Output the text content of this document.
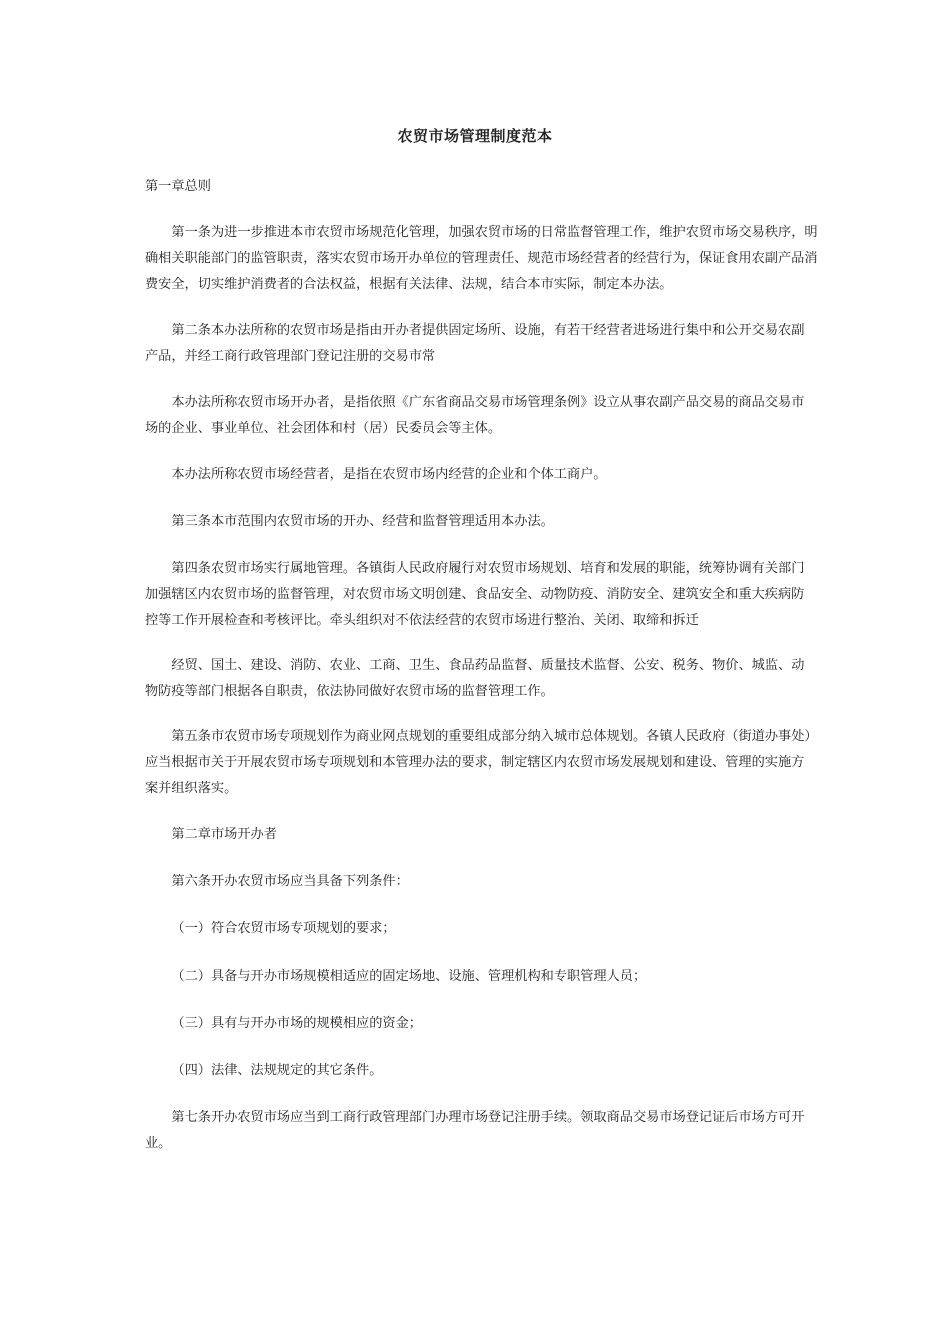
农贸市场管理制度范本

第一章总则

第一条为进一步推进本市农贸市场规范化管理，加强农贸市场的日常监督管理工作，维护农贸市场交易秩序，明确相关职能部门的监管职责，落实农贸市场开办单位的管理责任、规范市场经营者的经营行为，保证食用农副产品消费安全，切实维护消费者的合法权益，根据有关法律、法规，结合本市实际，制定本办法。

第二条本办法所称的农贸市场是指由开办者提供固定场所、设施，有若干经营者进场进行集中和公开交易农副产品，并经工商行政管理部门登记注册的交易市常

本办法所称农贸市场开办者，是指依照《广东省商品交易市场管理条例》设立从事农副产品交易的商品交易市场的企业、事业单位、社会团体和村（居）民委员会等主体。

本办法所称农贸市场经营者，是指在农贸市场内经营的企业和个体工商户。

第三条本市范围内农贸市场的开办、经营和监督管理适用本办法。

第四条农贸市场实行属地管理。各镇街人民政府履行对农贸市场规划、培育和发展的职能，统筹协调有关部门加强辖区内农贸市场的监督管理，对农贸市场文明创建、食品安全、动物防疫、消防安全、建筑安全和重大疾病防控等工作开展检查和考核评比。牵头组织对不依法经营的农贸市场进行整治、关闭、取缔和拆迁

经贸、国土、建设、消防、农业、工商、卫生、食品药品监督、质量技术监督、公安、税务、物价、城监、动物防疫等部门根据各自职责，依法协同做好农贸市场的监督管理工作。

第五条市农贸市场专项规划作为商业网点规划的重要组成部分纳入城市总体规划。各镇人民政府（街道办事处）应当根据市关于开展农贸市场专项规划和本管理办法的要求，制定辖区内农贸市场发展规划和建设、管理的实施方案并组织落实。

第二章市场开办者

第六条开办农贸市场应当具备下列条件：

（一）符合农贸市场专项规划的要求；

（二）具备与开办市场规模相适应的固定场地、设施、管理机构和专职管理人员；

（三）具有与开办市场的规模相应的资金；

（四）法律、法规规定的其它条件。

第七条开办农贸市场应当到工商行政管理部门办理市场登记注册手续。领取商品交易市场登记证后市场方可开业。
